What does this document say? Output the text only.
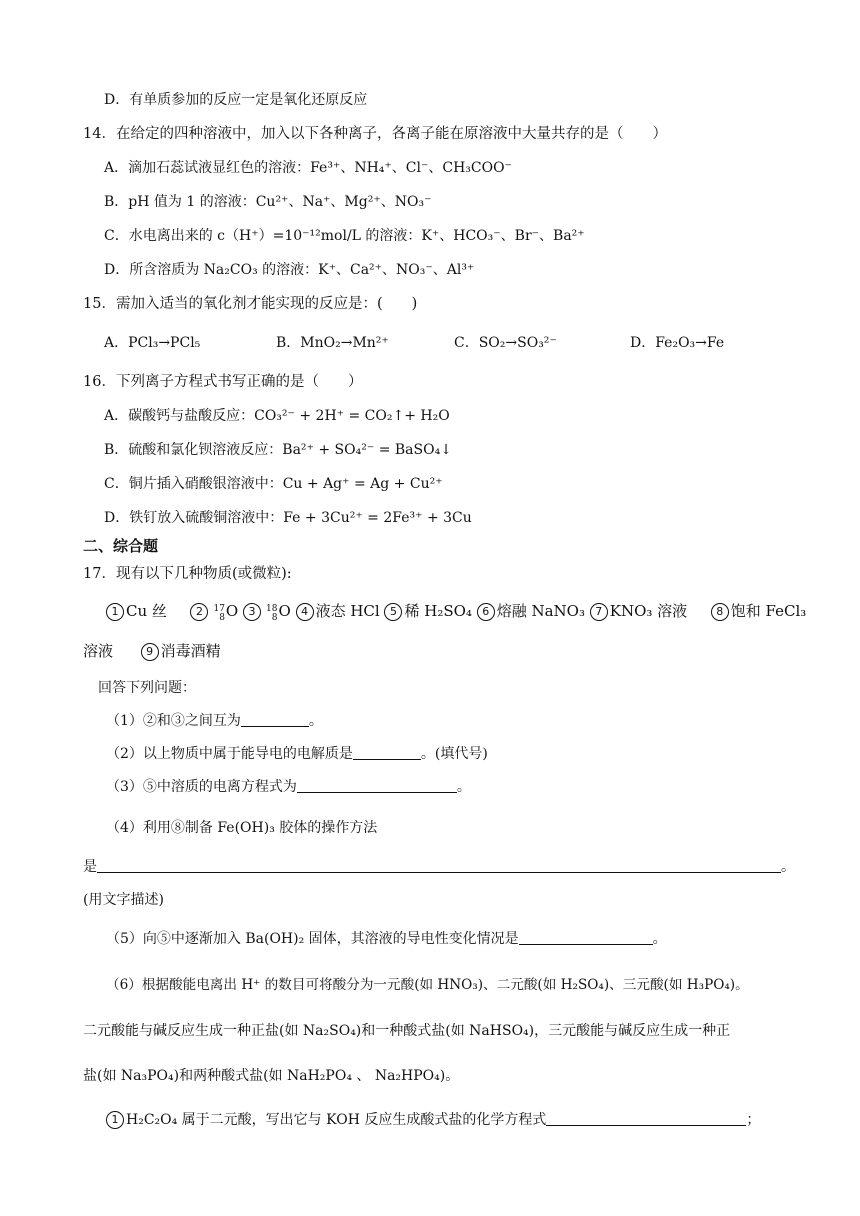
D．有单质参加的反应一定是氧化还原反应
14．在给定的四种溶液中，加入以下各种离子，各离子能在原溶液中大量共存的是（　　）
A．滴加石蕊试液显红色的溶液：Fe³⁺、NH₄⁺、Cl⁻、CH₃COO⁻
B．pH 值为 1 的溶液：Cu²⁺、Na⁺、Mg²⁺、NO₃⁻
C．水电离出来的 c（H⁺）=10⁻¹²mol/L 的溶液：K⁺、HCO₃⁻、Br⁻、Ba²⁺
D．所含溶质为 Na₂CO₃ 的溶液：K⁺、Ca²⁺、NO₃⁻、Al³⁺
15．需加入适当的氧化剂才能实现的反应是：(　　)
A．PCl₃→PCl₅	B．MnO₂→Mn²⁺	C．SO₂→SO₃²⁻	D．Fe₂O₃→Fe
16．下列离子方程式书写正确的是（　　）
A．碳酸钙与盐酸反应：CO₃²⁻ + 2H⁺ = CO₂↑+ H₂O
B．硫酸和氯化钡溶液反应：Ba²⁺ + SO₄²⁻ = BaSO₄↓
C．铜片插入硝酸银溶液中：Cu + Ag⁺ = Ag + Cu²⁺
D．铁钉放入硫酸铜溶液中：Fe + 3Cu²⁺ = 2Fe³⁺ + 3Cu
二、综合题
17．现有以下几种物质(或微粒):
1 Cu 丝	2 17
8O 3 18
8O 4 液态 HCl 5 稀 H₂SO₄ 6 熔融 NaNO₃ 7 KNO₃ 溶液	8 饱和 FeCl₃
溶液	9 消毒酒精
回答下列问题：
（1）②和③之间互为	。
（2）以上物质中属于能导电的电解质是	。(填代号)
（3）⑤中溶质的电离方程式为	。
（4）利用⑧制备 Fe(OH)₃ 胶体的操作方法
是	。
(用文字描述)
（5）向⑤中逐渐加入 Ba(OH)₂ 固体，其溶液的导电性变化情况是	。
（6）根据酸能电离出 H⁺ 的数目可将酸分为一元酸(如 HNO₃)、二元酸(如 H₂SO₄)、三元酸(如 H₃PO₄)。
二元酸能与碱反应生成一种正盐(如 Na₂SO₄)和一种酸式盐(如 NaHSO₄)，三元酸能与碱反应生成一种正
盐(如 Na₃PO₄)和两种酸式盐(如 NaH₂PO₄ 、 Na₂HPO₄)。
1 H₂C₂O₄ 属于二元酸，写出它与 KOH 反应生成酸式盐的化学方程式	；
